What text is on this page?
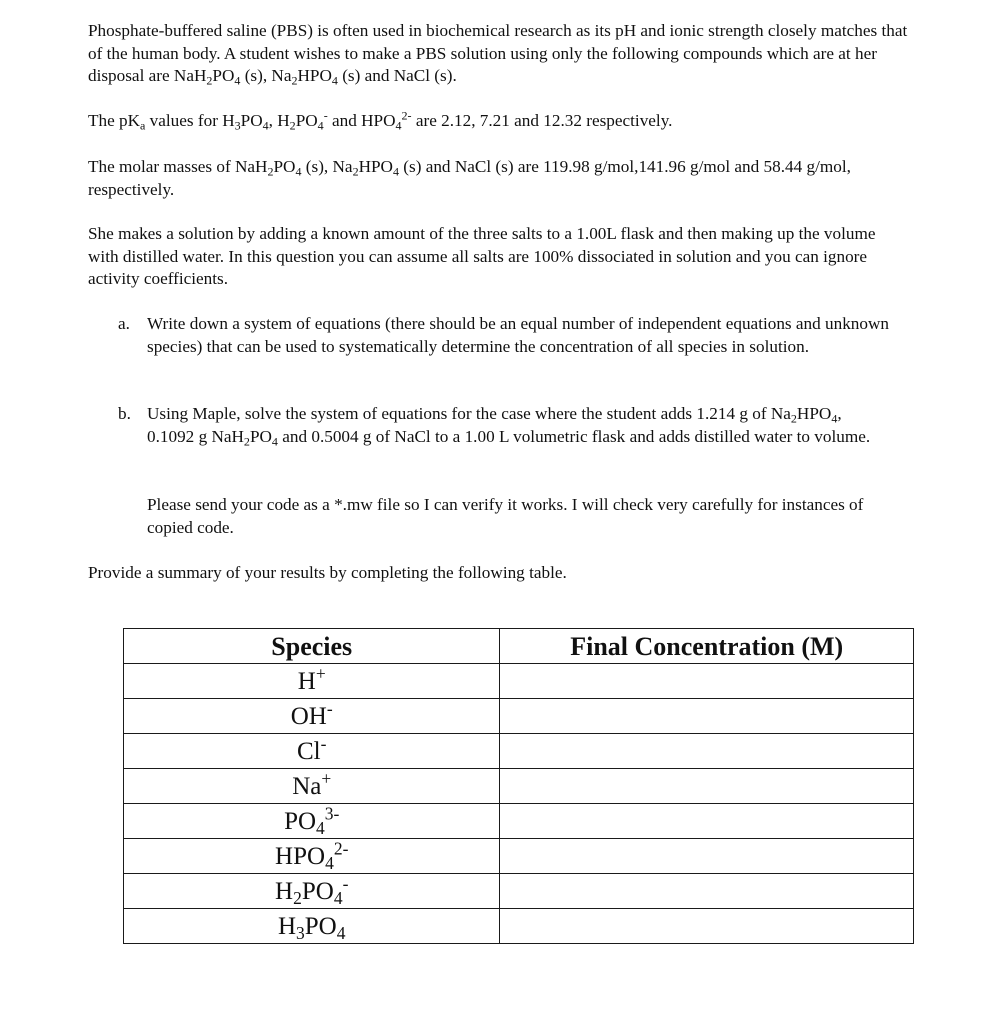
Phosphate-buffered saline (PBS) is often used in biochemical research as its pH and ionic strength closely matches that of the human body. A student wishes to make a PBS solution using only the following compounds which are at her disposal are $NaH_2PO_4$ (s), $Na_2HPO_4$ (s) and NaCl (s).

The $pK_a$ values for $H_3PO_4$, $H_2PO_4^-$ and $HPO_4^{2-}$ are 2.12, 7.21 and 12.32 respectively.

The molar masses of $NaH_2PO_4$ (s), $Na_2HPO_4$ (s) and NaCl (s) are 119.98 g/mol,141.96 g/mol and 58.44 g/mol, respectively.

She makes a solution by adding a known amount of the three salts to a 1.00L flask and then making up the volume with distilled water. In this question you can assume all salts are 100% dissociated in solution and you can ignore activity coefficients.

a. Write down a system of equations (there should be an equal number of independent equations and unknown species) that can be used to systematically determine the concentration of all species in solution.

b. Using Maple, solve the system of equations for the case where the student adds 1.214 g of $Na_2HPO_4$, 0.1092 g $NaH_2PO_4$ and 0.5004 g of NaCl to a 1.00 L volumetric flask and adds distilled water to volume.

Please send your code as a *.mw file so I can verify it works. I will check very carefully for instances of copied code.

Provide a summary of your results by completing the following table.

Species	Final Concentration (M)
H+	
OH-	
Cl-	
Na+	
$PO_4^{3-}$	
$HPO_4^{2-}$	
$H_2PO_4^-$	
$H_3PO_4$	
